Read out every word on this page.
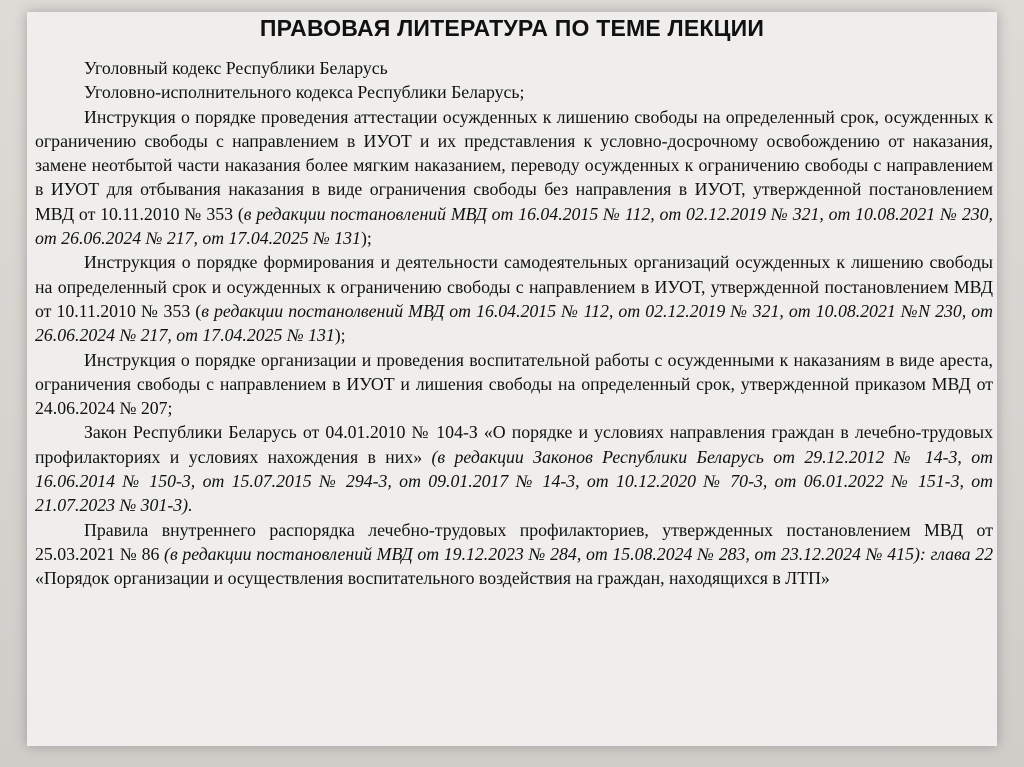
ПРАВОВАЯ ЛИТЕРАТУРА ПО ТЕМЕ ЛЕКЦИИ

Уголовный кодекс Республики Беларусь

Уголовно-исполнительного кодекса Республики Беларусь;

Инструкция о порядке проведения аттестации осужденных к лишению свободы на определенный срок, осужденных к ограничению свободы с направлением в ИУОТ и их представления к условно-досрочному освобождению от наказания, замене неотбытой части наказания более мягким наказанием, переводу осужденных к ограничению свободы с направлением в ИУОТ для отбывания наказания в виде ограничения свободы без направления в ИУОТ, утвержденной постановлением МВД от 10.11.2010 № 353 (в редакции постановлений МВД от 16.04.2015 № 112, от 02.12.2019 № 321, от 10.08.2021 № 230, от 26.06.2024 № 217, от 17.04.2025 № 131);

Инструкция о порядке формирования и деятельности самодеятельных организаций осужденных к лишению свободы на определенный срок и осужденных к ограничению свободы с направлением в ИУОТ, утвержденной постановлением МВД от 10.11.2010 № 353 (в редакции постанолвений МВД от 16.04.2015 № 112, от 02.12.2019 № 321, от 10.08.2021 №N 230, от 26.06.2024 № 217, от 17.04.2025 № 131);

Инструкция о порядке организации и проведения воспитательной работы с осужденными к наказаниям в виде ареста, ограничения свободы с направлением в ИУОТ и лишения свободы на определенный срок, утвержденной приказом МВД от 24.06.2024 № 207;

Закон Республики Беларусь от 04.01.2010 № 104-З «О порядке и условиях направления граждан в лечебно-трудовых профилакториях и условиях нахождения в них» (в редакции Законов Республики Беларусь от 29.12.2012 № 14-3, от 16.06.2014 № 150-3, от 15.07.2015 № 294-3, от 09.01.2017 № 14-3, от 10.12.2020 № 70-3, от 06.01.2022 № 151-3, от 21.07.2023 № 301-3).

Правила внутреннего распорядка лечебно-трудовых профилакториев, утвержденных постановлением МВД от 25.03.2021 № 86 (в редакции постановлений МВД от 19.12.2023 № 284, от 15.08.2024 № 283, от 23.12.2024 № 415): глава 22 «Порядок организации и осуществления воспитательного воздействия на граждан, находящихся в ЛТП»
